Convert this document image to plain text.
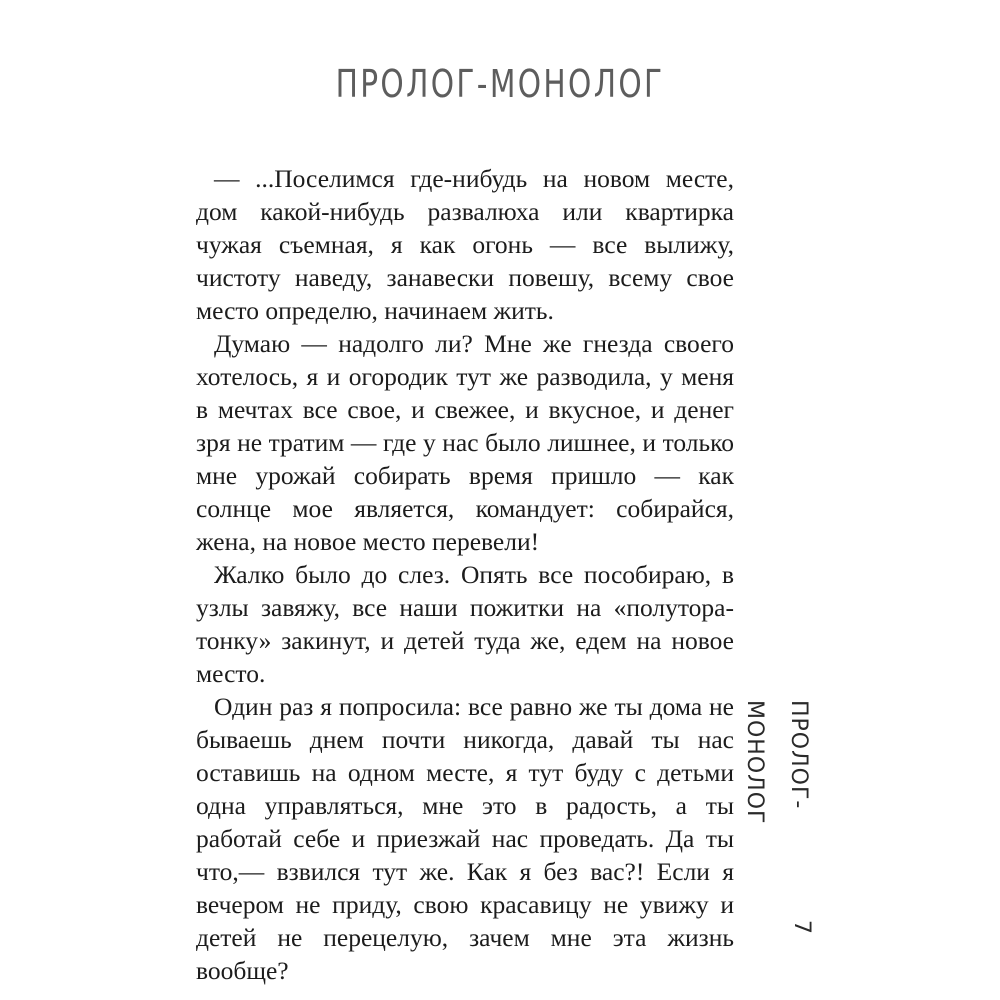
ПРОЛОГ-МОНОЛОГ

— ...Поселимся где-нибудь на новом месте, дом какой-нибудь развалюха или квартирка чужая съемная, я как огонь — все вылижу, чистоту наведу, занавески повешу, всему свое место определю, начинаем жить.

Думаю — надолго ли? Мне же гнезда своего хотелось, я и огородик тут же разводила, у меня в мечтах все свое, и свежее, и вкусное, и денег зря не тратим — где у нас было лишнее, и только мне урожай собирать время пришло — как солнце мое является, командует: собирайся, жена, на новое место перевели!

Жалко было до слез. Опять все пособираю, в узлы завяжу, все наши пожитки на «полуторатонку» закинут, и детей туда же, едем на новое место.

Один раз я попросила: все равно же ты дома не бываешь днем почти никогда, давай ты нас оставишь на одном месте, я тут буду с детьми одна управляться, мне это в радость, а ты работай себе и приезжай нас проведать. Да ты что,— взвился тут же. Как я без вас?! Если я вечером не приду, свою красавицу не увижу и детей не перецелую, зачем мне эта жизнь вообще?

ПРОЛОГ-МОНОЛОГ
7
